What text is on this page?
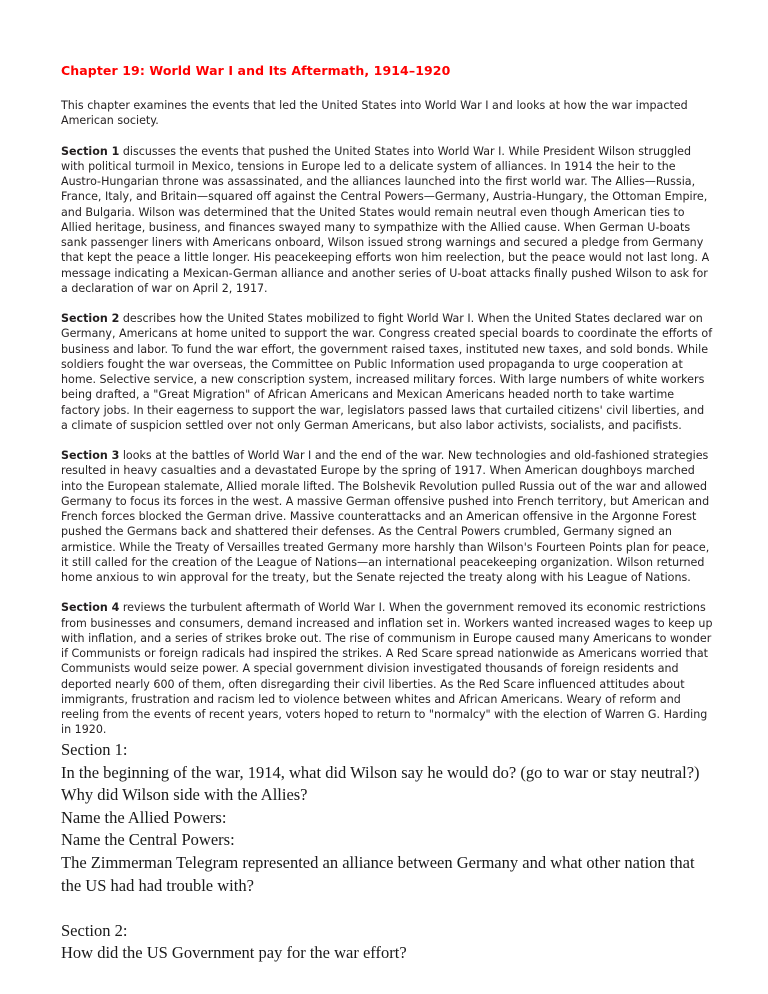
Chapter 19: World War I and Its Aftermath, 1914–1920

This chapter examines the events that led the United States into World War I and looks at how the war impacted American society.

Section 1 discusses the events that pushed the United States into World War I. While President Wilson struggled with political turmoil in Mexico, tensions in Europe led to a delicate system of alliances. In 1914 the heir to the Austro-Hungarian throne was assassinated, and the alliances launched into the first world war. The Allies—Russia, France, Italy, and Britain—squared off against the Central Powers—Germany, Austria-Hungary, the Ottoman Empire, and Bulgaria. Wilson was determined that the United States would remain neutral even though American ties to Allied heritage, business, and finances swayed many to sympathize with the Allied cause. When German U-boats sank passenger liners with Americans onboard, Wilson issued strong warnings and secured a pledge from Germany that kept the peace a little longer. His peacekeeping efforts won him reelection, but the peace would not last long. A message indicating a Mexican-German alliance and another series of U-boat attacks finally pushed Wilson to ask for a declaration of war on April 2, 1917.

Section 2 describes how the United States mobilized to fight World War I. When the United States declared war on Germany, Americans at home united to support the war. Congress created special boards to coordinate the efforts of business and labor. To fund the war effort, the government raised taxes, instituted new taxes, and sold bonds. While soldiers fought the war overseas, the Committee on Public Information used propaganda to urge cooperation at home. Selective service, a new conscription system, increased military forces. With large numbers of white workers being drafted, a "Great Migration" of African Americans and Mexican Americans headed north to take wartime factory jobs. In their eagerness to support the war, legislators passed laws that curtailed citizens' civil liberties, and a climate of suspicion settled over not only German Americans, but also labor activists, socialists, and pacifists.

Section 3 looks at the battles of World War I and the end of the war. New technologies and old-fashioned strategies resulted in heavy casualties and a devastated Europe by the spring of 1917. When American doughboys marched into the European stalemate, Allied morale lifted. The Bolshevik Revolution pulled Russia out of the war and allowed Germany to focus its forces in the west. A massive German offensive pushed into French territory, but American and French forces blocked the German drive. Massive counterattacks and an American offensive in the Argonne Forest pushed the Germans back and shattered their defenses. As the Central Powers crumbled, Germany signed an armistice. While the Treaty of Versailles treated Germany more harshly than Wilson's Fourteen Points plan for peace, it still called for the creation of the League of Nations—an international peacekeeping organization. Wilson returned home anxious to win approval for the treaty, but the Senate rejected the treaty along with his League of Nations.

Section 4 reviews the turbulent aftermath of World War I. When the government removed its economic restrictions from businesses and consumers, demand increased and inflation set in. Workers wanted increased wages to keep up with inflation, and a series of strikes broke out. The rise of communism in Europe caused many Americans to wonder if Communists or foreign radicals had inspired the strikes. A Red Scare spread nationwide as Americans worried that Communists would seize power. A special government division investigated thousands of foreign residents and deported nearly 600 of them, often disregarding their civil liberties. As the Red Scare influenced attitudes about immigrants, frustration and racism led to violence between whites and African Americans. Weary of reform and reeling from the events of recent years, voters hoped to return to "normalcy" with the election of Warren G. Harding in 1920.

Section 1:
In the beginning of the war, 1914, what did Wilson say he would do? (go to war or stay neutral?)
Why did Wilson side with the Allies?
Name the Allied Powers:
Name the Central Powers:
The Zimmerman Telegram represented an alliance between Germany and what other nation that the US had had trouble with?
Section 2:
How did the US Government pay for the war effort?
